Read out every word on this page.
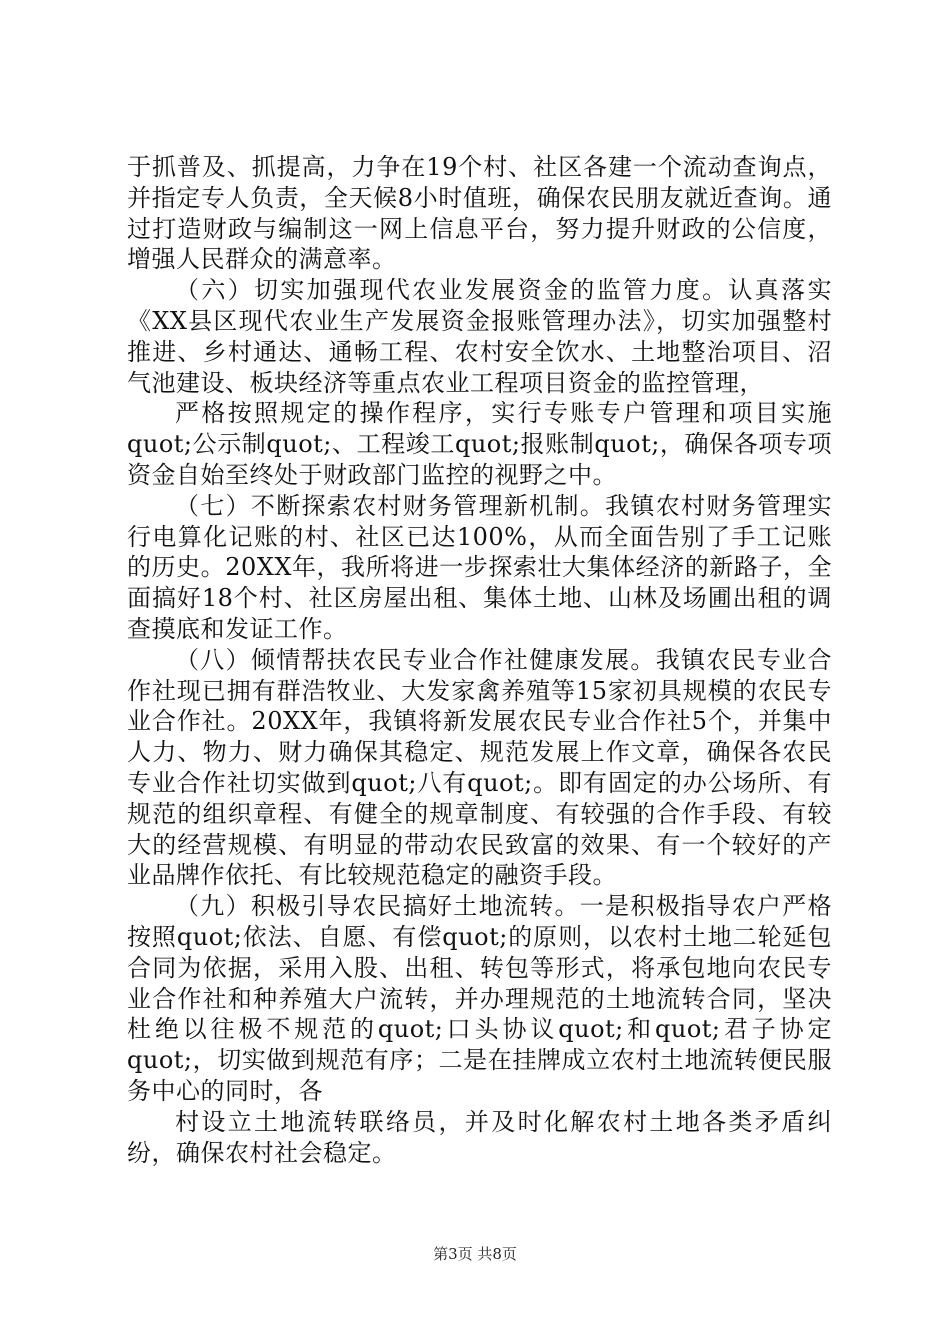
于抓普及、抓提高，力争在19个村、社区各建一个流动查询点，并指定专人负责，全天候8小时值班，确保农民朋友就近查询。通过打造财政与编制这一网上信息平台，努力提升财政的公信度，增强人民群众的满意率。

（六）切实加强现代农业发展资金的监管力度。认真落实《XX县区现代农业生产发展资金报账管理办法》，切实加强整村推进、乡村通达、通畅工程、农村安全饮水、土地整治项目、沼气池建设、板块经济等重点农业工程项目资金的监控管理，

严格按照规定的操作程序，实行专账专户管理和项目实施quot;公示制quot;、工程竣工quot;报账制quot;，确保各项专项资金自始至终处于财政部门监控的视野之中。

（七）不断探索农村财务管理新机制。我镇农村财务管理实行电算化记账的村、社区已达100%，从而全面告别了手工记账的历史。20XX年，我所将进一步探索壮大集体经济的新路子，全面搞好18个村、社区房屋出租、集体土地、山林及场圃出租的调查摸底和发证工作。

（八）倾情帮扶农民专业合作社健康发展。我镇农民专业合作社现已拥有群浩牧业、大发家禽养殖等15家初具规模的农民专业合作社。20XX年，我镇将新发展农民专业合作社5个，并集中人力、物力、财力确保其稳定、规范发展上作文章，确保各农民专业合作社切实做到quot;八有quot;。即有固定的办公场所、有规范的组织章程、有健全的规章制度、有较强的合作手段、有较大的经营规模、有明显的带动农民致富的效果、有一个较好的产业品牌作依托、有比较规范稳定的融资手段。

（九）积极引导农民搞好土地流转。一是积极指导农户严格按照quot;依法、自愿、有偿quot;的原则，以农村土地二轮延包合同为依据，采用入股、出租、转包等形式，将承包地向农民专业合作社和种养殖大户流转，并办理规范的土地流转合同，坚决杜绝以往极不规范的quot;口头协议quot;和quot;君子协定quot;，切实做到规范有序；二是在挂牌成立农村土地流转便民服务中心的同时，各

村设立土地流转联络员，并及时化解农村土地各类矛盾纠纷，确保农村社会稳定。

第3页 共8页
